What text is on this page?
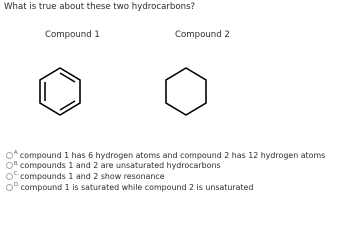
What is true about these two hydrocarbons?
Compound 1	Compound 2
A. compound 1 has 6 hydrogen atoms and compound 2 has 12 hydrogen atoms
B. compounds 1 and 2 are unsaturated hydrocarbons
C. compounds 1 and 2 show resonance
D. compound 1 is saturated while compound 2 is unsaturated
